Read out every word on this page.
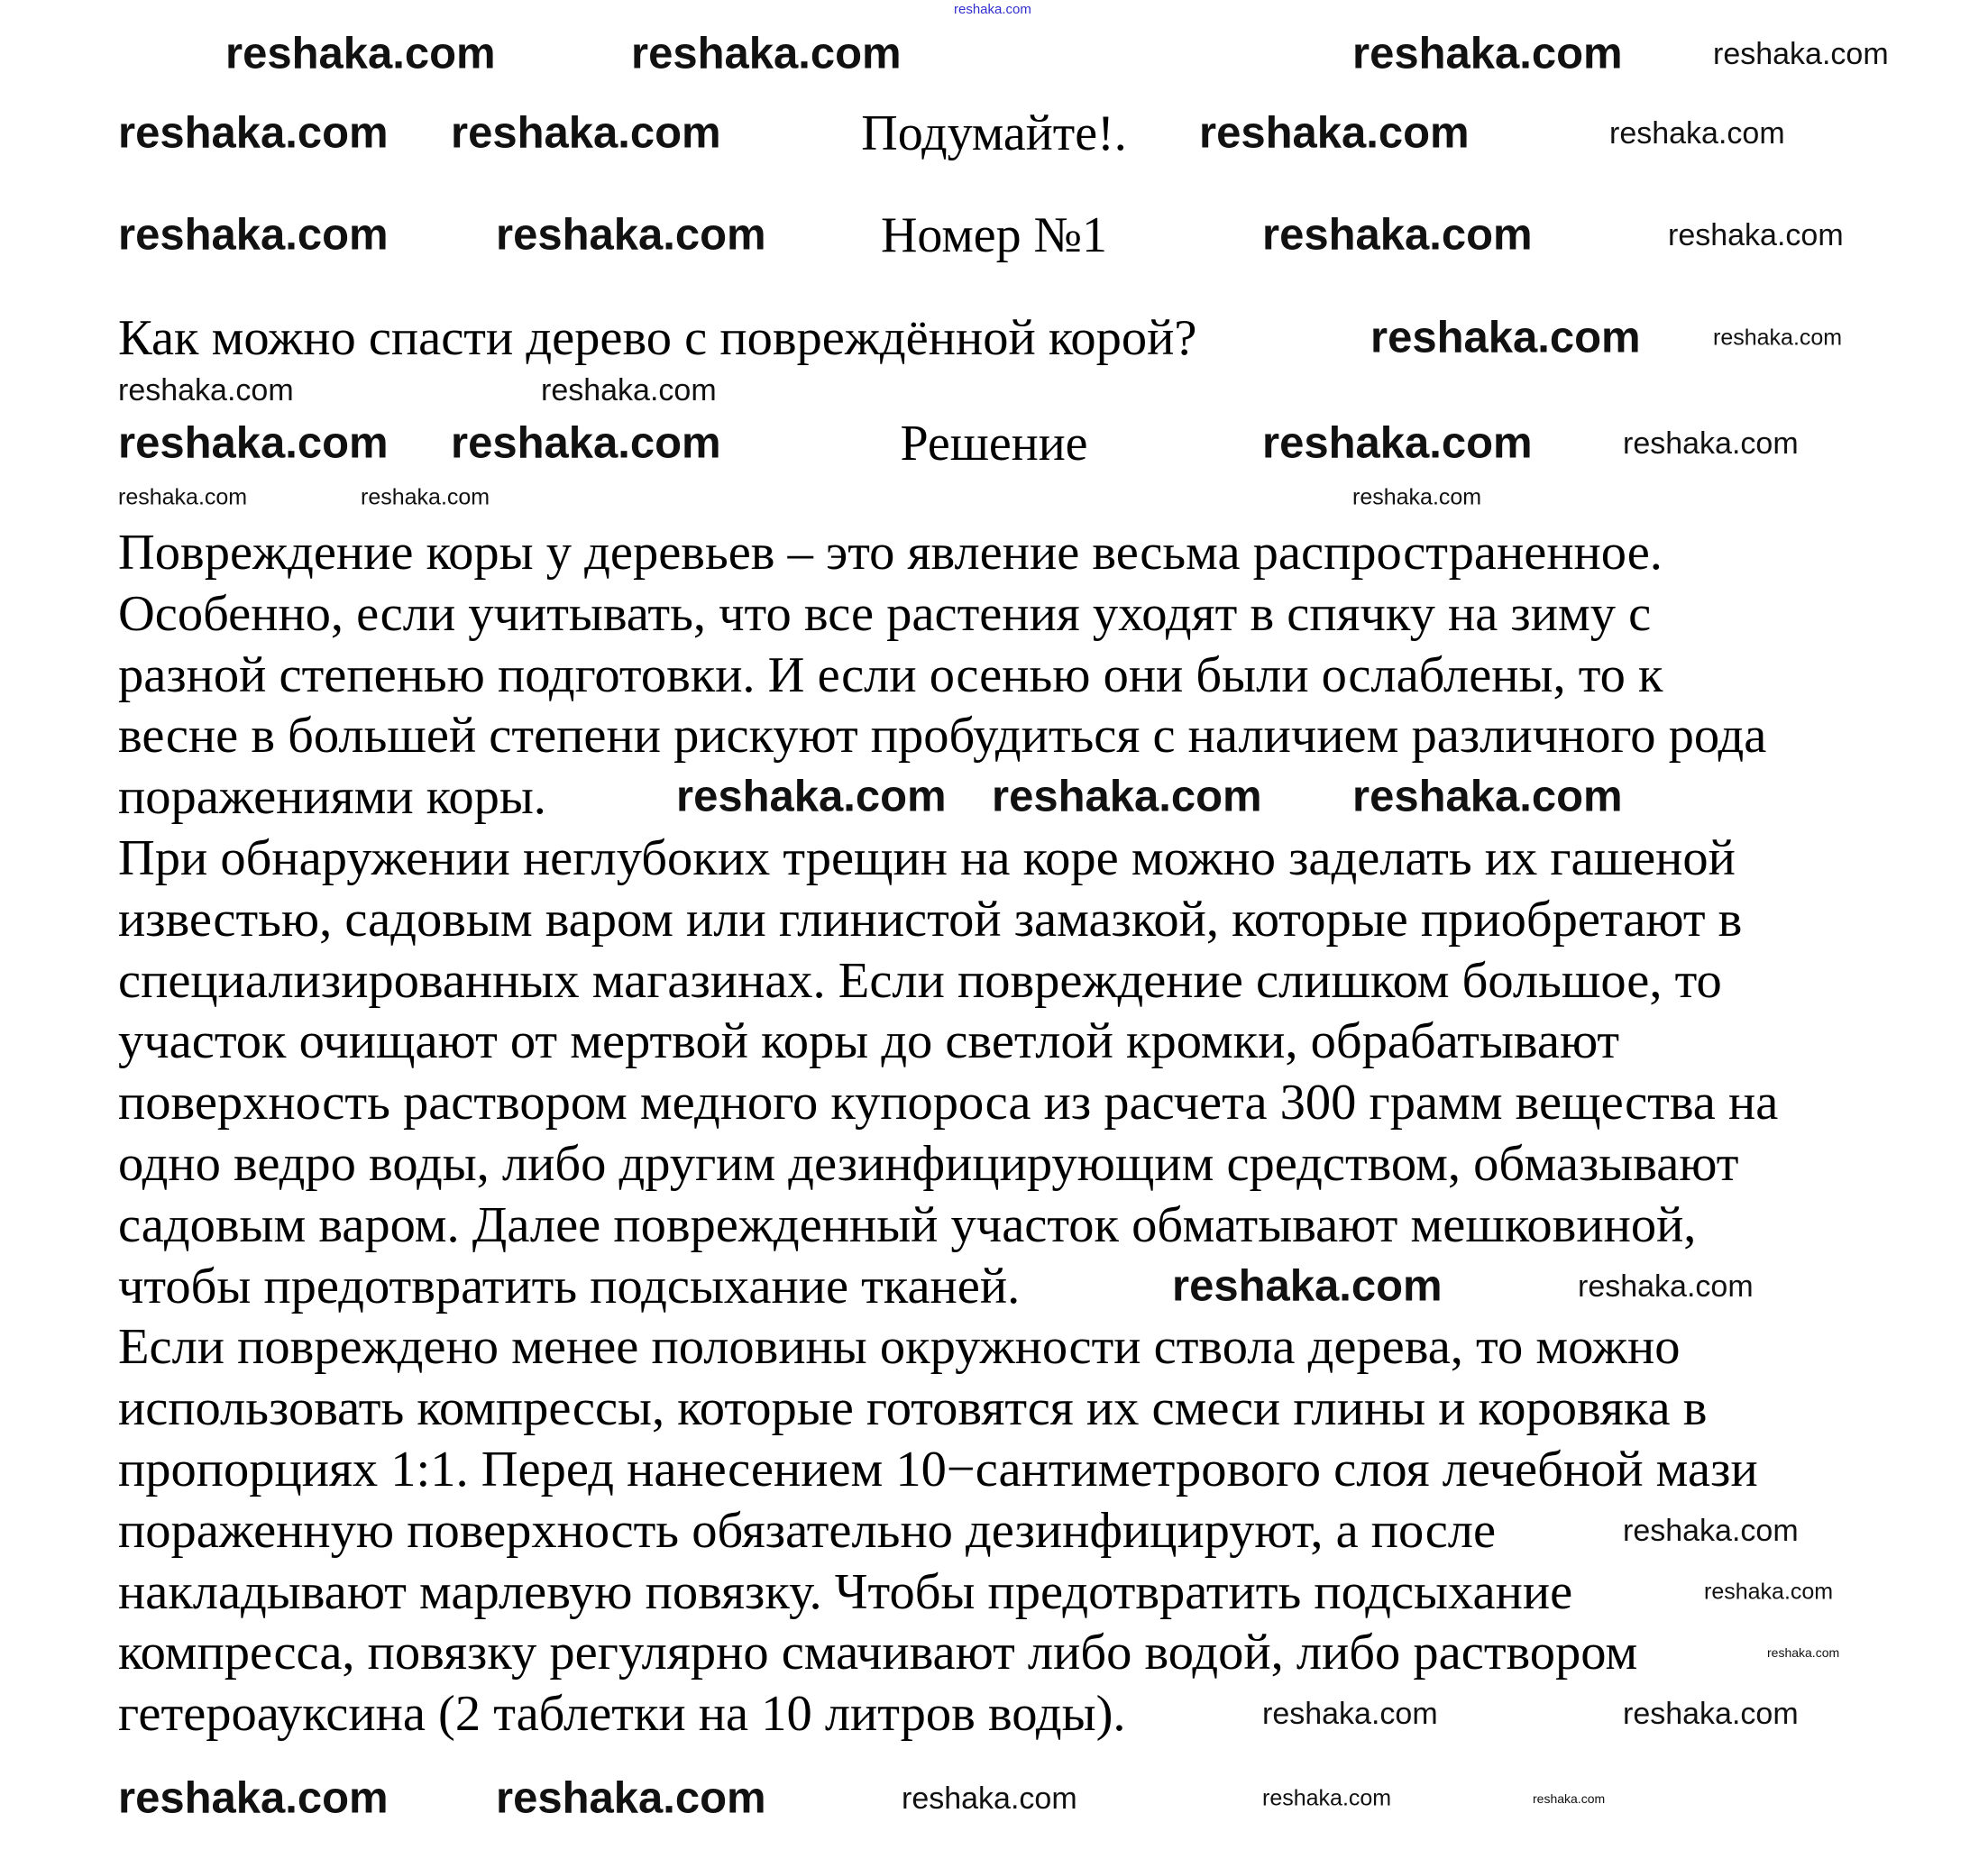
reshaka.com
Подумайте!.
Номер №1
Как можно спасти дерево с повреждённой корой?
Решение
Повреждение коры у деревьев – это явление весьма распространенное.
Особенно, если учитывать, что все растения уходят в спячку на зиму с
разной степенью подготовки. И если осенью они были ослаблены, то к
весне в большей степени рискуют пробудиться с наличием различного рода
поражениями коры.
При обнаружении неглубоких трещин на коре можно заделать их гашеной
известью, садовым варом или глинистой замазкой, которые приобретают в
специализированных магазинах. Если повреждение слишком большое, то
участок очищают от мертвой коры до светлой кромки, обрабатывают
поверхность раствором медного купороса из расчета 300 грамм вещества на
одно ведро воды, либо другим дезинфицирующим средством, обмазывают
садовым варом. Далее поврежденный участок обматывают мешковиной,
чтобы предотвратить подсыхание тканей.
Если повреждено менее половины окружности ствола дерева, то можно
использовать компрессы, которые готовятся их смеси глины и коровяка в
пропорциях 1:1. Перед нанесением 10−сантиметрового слоя лечебной мази
пораженную поверхность обязательно дезинфицируют, а после
накладывают марлевую повязку. Чтобы предотвратить подсыхание
компресса, повязку регулярно смачивают либо водой, либо раствором
гетероауксина (2 таблетки на 10 литров воды).
reshaka.com	reshaka.com	reshaka.com	reshaka.com
reshaka.com reshaka.com	reshaka.com	reshaka.com
reshaka.com reshaka.com	reshaka.com	reshaka.com
reshaka.com	reshaka.com
reshaka.com	reshaka.com
reshaka.com reshaka.com	reshaka.com	reshaka.com
reshaka.com	reshaka.com	reshaka.com
reshaka.com reshaka.com reshaka.com
reshaka.com	reshaka.com
reshaka.com
reshaka.com
reshaka.com
reshaka.com	reshaka.com
reshaka.com reshaka.com	reshaka.com	reshaka.com	reshaka.com
